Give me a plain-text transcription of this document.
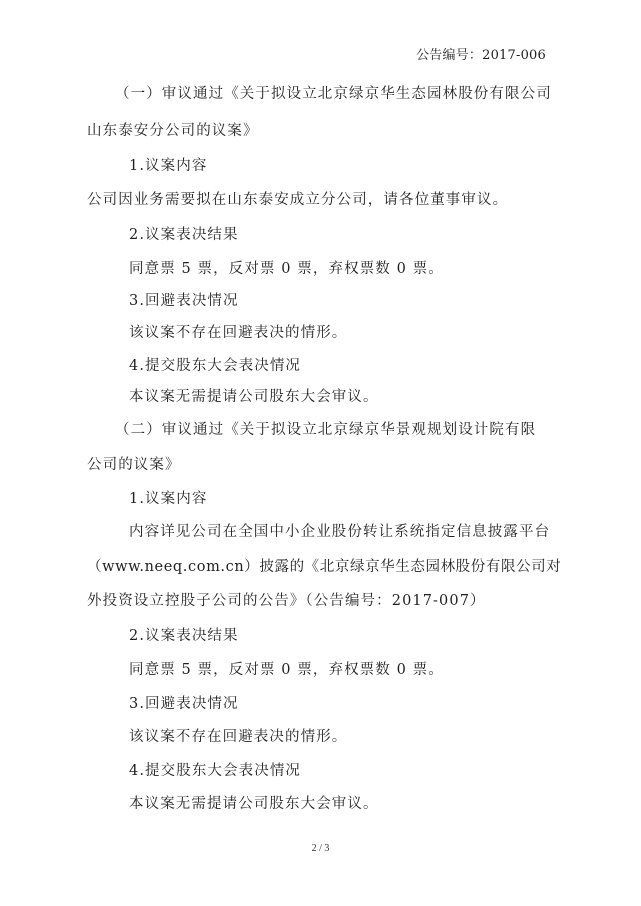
公告编号：2017-006
（一）审议通过《关于拟设立北京绿京华生态园林股份有限公司
山东泰安分公司的议案》
1.议案内容
公司因业务需要拟在山东泰安成立分公司，请各位董事审议。
2.议案表决结果
同意票 5 票，反对票 0 票，弃权票数 0 票。
3.回避表决情况
该议案不存在回避表决的情形。
4.提交股东大会表决情况
本议案无需提请公司股东大会审议。
（二）审议通过《关于拟设立北京绿京华景观规划设计院有限
公司的议案》
1.议案内容
内容详见公司在全国中小企业股份转让系统指定信息披露平台
（www.neeq.com.cn）披露的《北京绿京华生态园林股份有限公司对
外投资设立控股子公司的公告》（公告编号：2017-007）
2.议案表决结果
同意票 5 票，反对票 0 票，弃权票数 0 票。
3.回避表决情况
该议案不存在回避表决的情形。
4.提交股东大会表决情况
本议案无需提请公司股东大会审议。
2 / 3
